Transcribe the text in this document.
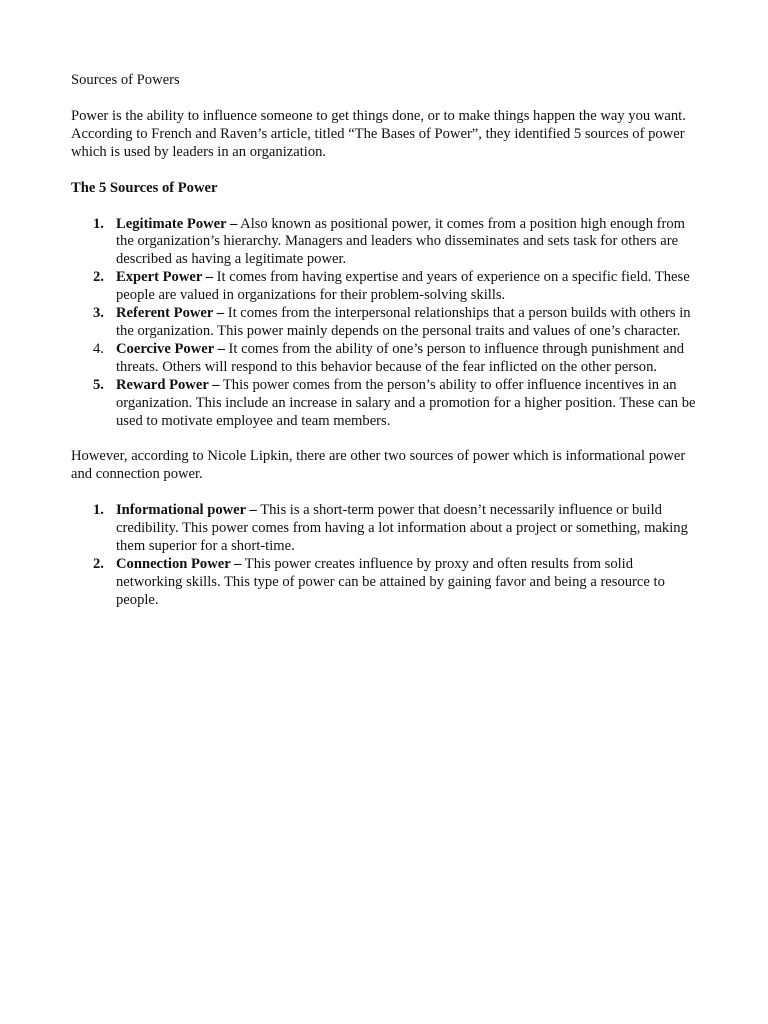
Sources of Powers

Power is the ability to influence someone to get things done, or to make things happen the way you want. According to French and Raven’s article, titled “The Bases of Power”, they identified 5 sources of power which is used by leaders in an organization.

The 5 Sources of Power

1. Legitimate Power – Also known as positional power, it comes from a position high enough from the organization’s hierarchy. Managers and leaders who disseminates and sets task for others are described as having a legitimate power.
2. Expert Power – It comes from having expertise and years of experience on a specific field. These people are valued in organizations for their problem-solving skills.
3. Referent Power – It comes from the interpersonal relationships that a person builds with others in the organization. This power mainly depends on the personal traits and values of one’s character.
4. Coercive Power – It comes from the ability of one’s person to influence through punishment and threats. Others will respond to this behavior because of the fear inflicted on the other person.
5. Reward Power – This power comes from the person’s ability to offer influence incentives in an organization. This include an increase in salary and a promotion for a higher position. These can be used to motivate employee and team members.

However, according to Nicole Lipkin, there are other two sources of power which is informational power and connection power.

1. Informational power – This is a short-term power that doesn’t necessarily influence or build credibility. This power comes from having a lot information about a project or something, making them superior for a short-time.
2. Connection Power – This power creates influence by proxy and often results from solid networking skills. This type of power can be attained by gaining favor and being a resource to people.
